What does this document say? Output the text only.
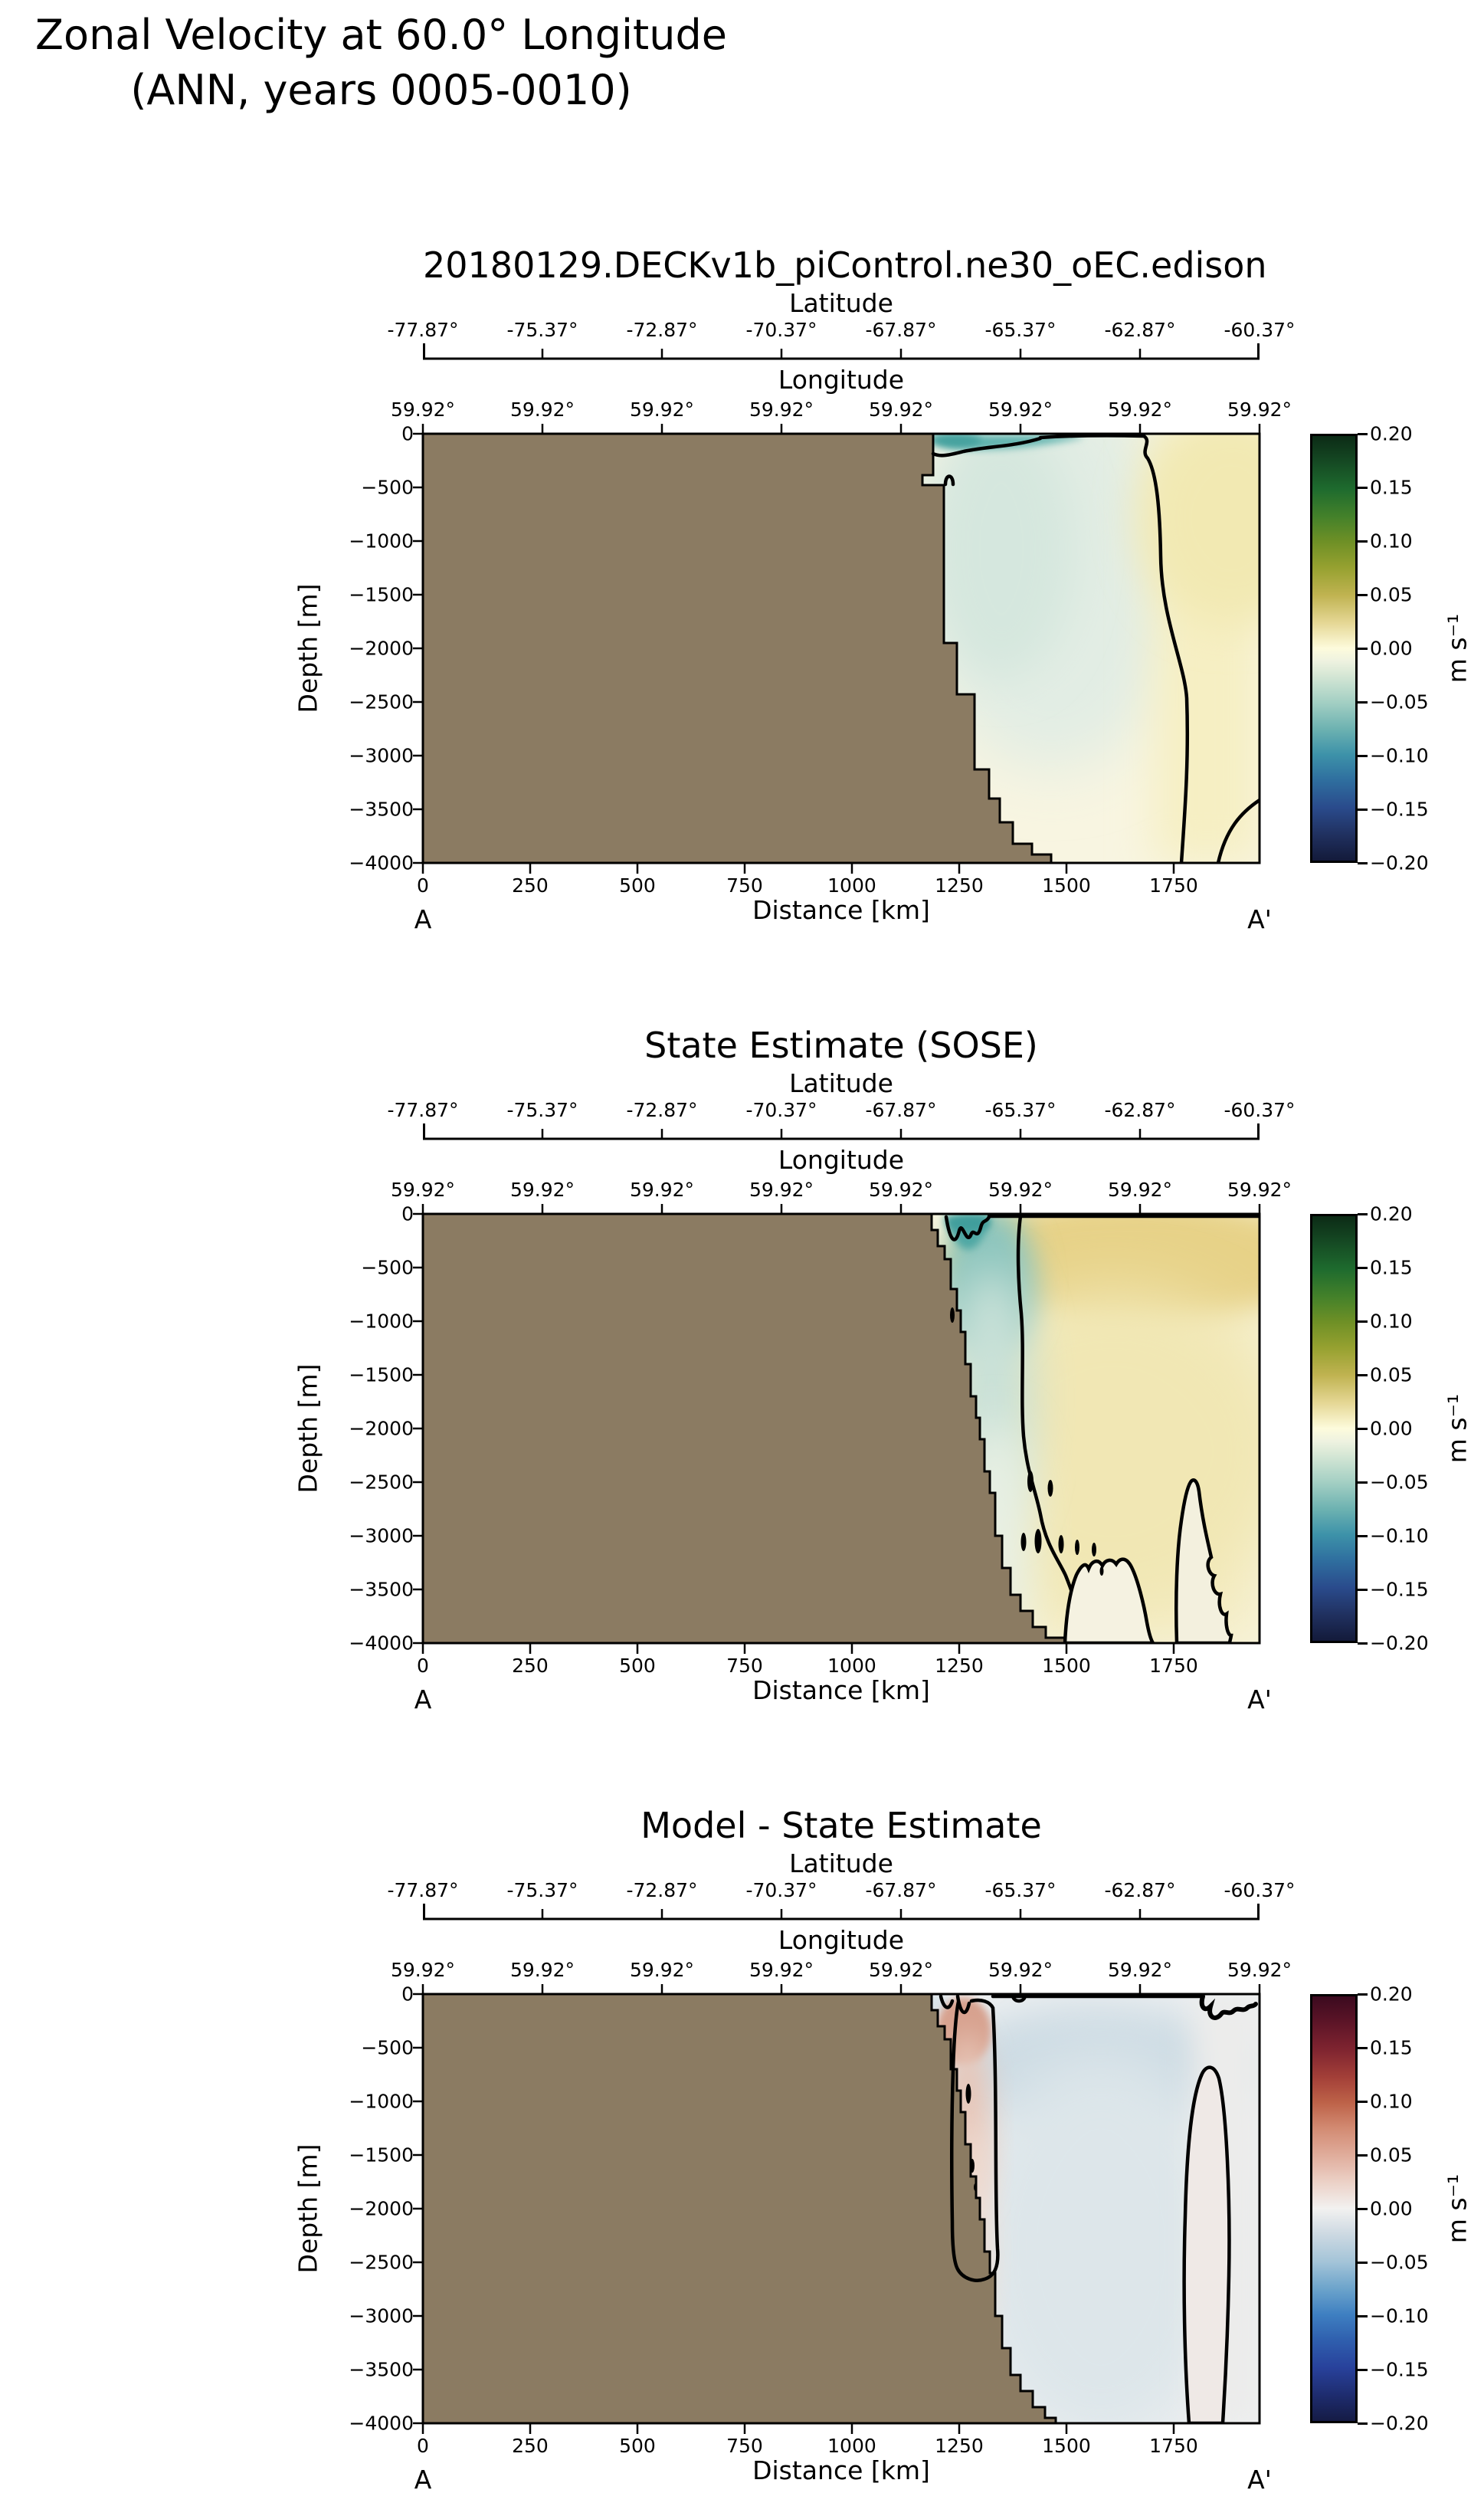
Zonal Velocity at 60.0° Longitude
(ANN, years 0005-0010)
20180129.DECKv1b_piControl.ne30_oEC.edison
Latitude
-77.87°	-75.37°	-72.87°	-70.37°	-67.87°	-65.37°	-62.87°	-60.37°
Longitude
59.92°	59.92°	59.92°	59.92°	59.92°	59.92°	59.92°	59.92°
Depth [m]
0
−500
−1000
−1500
−2000
−2500
−3000
−3500
−4000
0	250	500	750	1000	1250	1500	1750
Distance [km]
A	A'
0.20
0.15
0.10
0.05
0.00
−0.05
−0.10
−0.15
−0.20
m s⁻¹
State Estimate (SOSE)
Latitude
-77.87°	-75.37°	-72.87°	-70.37°	-67.87°	-65.37°	-62.87°	-60.37°
Longitude
59.92°	59.92°	59.92°	59.92°	59.92°	59.92°	59.92°	59.92°
Depth [m]
0
−500
−1000
−1500
−2000
−2500
−3000
−3500
−4000
0	250	500	750	1000	1250	1500	1750
Distance [km]
A	A'
0.20
0.15
0.10
0.05
0.00
−0.05
−0.10
−0.15
−0.20
m s⁻¹
Model - State Estimate
Latitude
-77.87°	-75.37°	-72.87°	-70.37°	-67.87°	-65.37°	-62.87°	-60.37°
Longitude
59.92°	59.92°	59.92°	59.92°	59.92°	59.92°	59.92°	59.92°
Depth [m]
0
−500
−1000
−1500
−2000
−2500
−3000
−3500
−4000
0	250	500	750	1000	1250	1500	1750
Distance [km]
A	A'
0.20
0.15
0.10
0.05
0.00
−0.05
−0.10
−0.15
−0.20
m s⁻¹
